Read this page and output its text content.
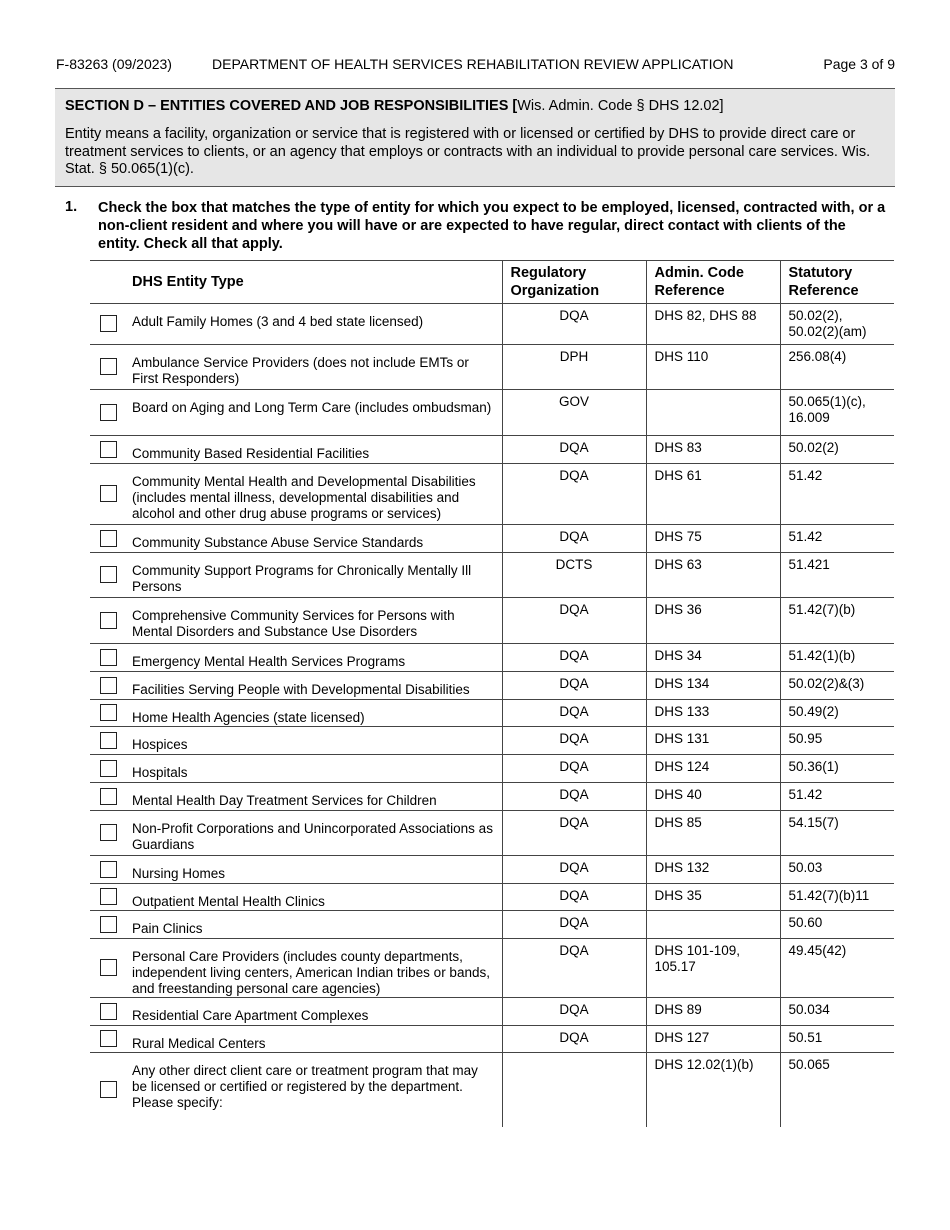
F-83263 (09/2023)	DEPARTMENT OF HEALTH SERVICES REHABILITATION REVIEW APPLICATION	Page 3 of 9
SECTION D – ENTITIES COVERED AND JOB RESPONSIBILITIES [Wis. Admin. Code § DHS 12.02]
Entity means a facility, organization or service that is registered with or licensed or certified by DHS to provide direct care or treatment services to clients, or an agency that employs or contracts with an individual to provide personal care services. Wis. Stat. § 50.065(1)(c).
1. Check the box that matches the type of entity for which you expect to be employed, licensed, contracted with, or a non-client resident and where you will have or are expected to have regular, direct contact with clients of the entity. Check all that apply.
DHS Entity Type	Regulatory Organization	Admin. Code Reference	Statutory Reference

Adult Family Homes (3 and 4 bed state licensed)	DQA	DHS 82, DHS 88	50.02(2), 50.02(2)(am)

Ambulance Service Providers (does not include EMTs or First Responders)	DPH	DHS 110	256.08(4)

Board on Aging and Long Term Care (includes ombudsman)	GOV		50.065(1)(c), 16.009

Community Based Residential Facilities	DQA	DHS 83	50.02(2)

Community Mental Health and Developmental Disabilities (includes mental illness, developmental disabilities and alcohol and other drug abuse programs or services)	DQA	DHS 61	51.42

Community Substance Abuse Service Standards	DQA	DHS 75	51.42

Community Support Programs for Chronically Mentally Ill Persons	DCTS	DHS 63	51.421

Comprehensive Community Services for Persons with Mental Disorders and Substance Use Disorders	DQA	DHS 36	51.42(7)(b)

Emergency Mental Health Services Programs	DQA	DHS 34	51.42(1)(b)

Facilities Serving People with Developmental Disabilities	DQA	DHS 134	50.02(2)&(3)

Home Health Agencies (state licensed)	DQA	DHS 133	50.49(2)

Hospices	DQA	DHS 131	50.95

Hospitals	DQA	DHS 124	50.36(1)

Mental Health Day Treatment Services for Children	DQA	DHS 40	51.42

Non-Profit Corporations and Unincorporated Associations as Guardians	DQA	DHS 85	54.15(7)

Nursing Homes	DQA	DHS 132	50.03

Outpatient Mental Health Clinics	DQA	DHS 35	51.42(7)(b)11

Pain Clinics	DQA		50.60

Personal Care Providers (includes county departments, independent living centers, American Indian tribes or bands, and freestanding personal care agencies)	DQA	DHS 101-109, 105.17	49.45(42)

Residential Care Apartment Complexes	DQA	DHS 89	50.034

Rural Medical Centers	DQA	DHS 127	50.51

Any other direct client care or treatment program that may be licensed or certified or registered by the department. Please specify:		DHS 12.02(1)(b)	50.065
